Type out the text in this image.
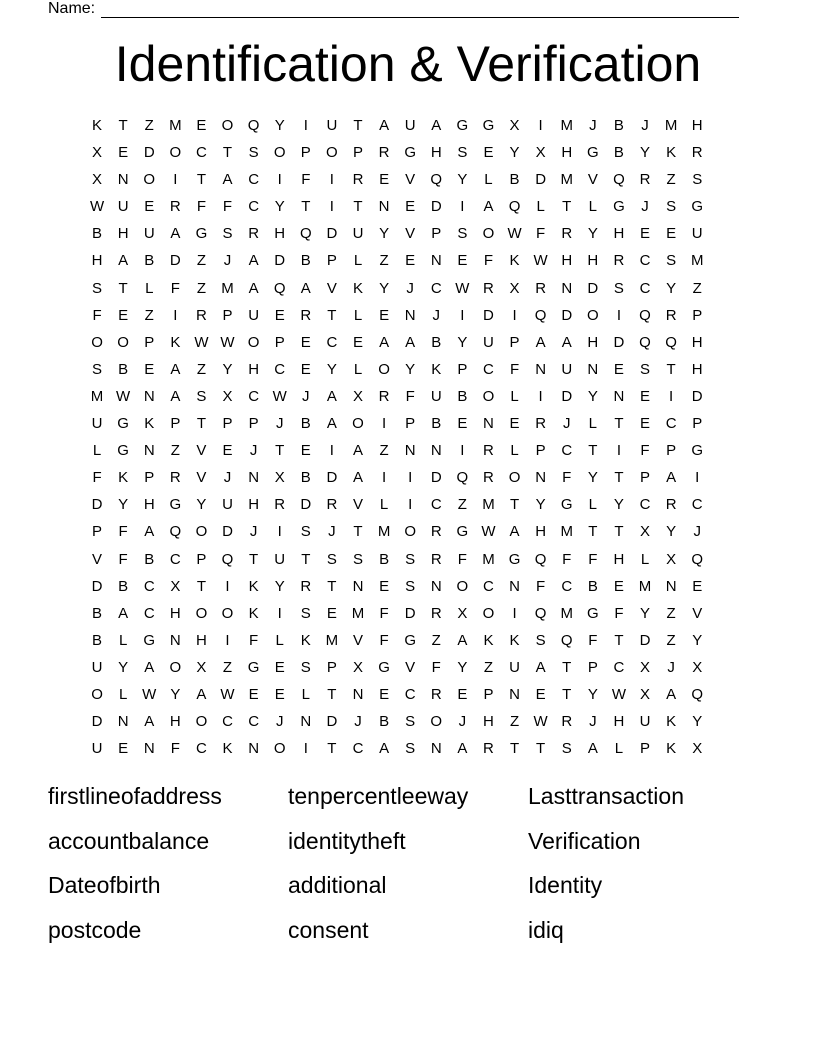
Name:
Identification & Verification
K	T	Z	M E	O Q	Y	I	U	T	A	U	A	G G	X	I	M	J	B	J	M H
X	E	D O C	T	S	O	P	O	P	R G H	S	E	Y	X	H G	B	Y	K	R
X	N O	I	T	A	C	I	F	I	R	E	V	Q	Y	L	B	D M V	Q R	Z	S
W U	E	R	F	F	C	Y	T	I	T	N	E	D	I	A	Q	L	T	L	G	J	S	G
B	H	U	A	G	S	R	H Q D	U	Y	V	P	S	O W F	R	Y	H	E	E	U
H	A	B	D	Z	J	A	D	B	P	L	Z	E	N	E	F	K W H	H	R	C	S M
S	T	L	F	Z	M A	Q	A	V	K	Y	J	C W R	X	R	N	D	S	C	Y	Z
F	E	Z	I	R	P	U	E	R	T	L	E	N	J	I	D	I	Q D O	I	Q R	P
O O	P	K W W O	P	E	C	E	A	A	B	Y	U	P	A	A	H	D Q Q H
S	B	E	A	Z	Y	H	C	E	Y	L	O	Y	K	P	C	F	N	U	N	E	S	T	H
M W N	A	S	X	C W	J	A	X	R	F	U	B	O	L	I	D	Y	N	E	I	D
U G	K	P	T	P	P	J	B	A	O	I	P	B	E	N	E	R	J	L	T	E	C	P
L	G N	Z	V	E	J	T	E	I	A	Z	N	N	I	R	L	P	C	T	I	F	P	G
F	K	P	R	V	J	N	X	B	D	A	I	I	D Q R O N	F	Y	T	P	A	I
D	Y	H G	Y	U	H	R	D	R	V	L	I	C	Z	M	T	Y	G	L	Y	C	R	C
P	F	A	Q O D	J	I	S	J	T	M O R G W A	H M	T	T	X	Y	J
V	F	B	C	P	Q	T	U	T	S	S	B	S	R	F	M G Q	F	F	H	L	X	Q
D	B	C	X	T	I	K	Y	R	T	N	E	S	N O C	N	F	C	B	E M N	E
B	A	C	H O O	K	I	S	E M	F	D	R	X	O	I	Q M G	F	Y	Z	V
B	L	G N	H	I	F	L	K M V	F	G	Z	A	K	K	S	Q	F	T	D	Z	Y
U	Y	A	O	X	Z	G	E	S	P	X	G	V	F	Y	Z	U	A	T	P	C	X	J	X
O	L W Y	A W E	E	L	T	N	E	C	R	E	P	N	E	T	Y W X	A	Q
D	N	A	H O C	C	J	N	D	J	B	S	O	J	H	Z W R	J	H	U	K	Y
U	E	N	F	C	K	N O	I	T	C	A	S	N	A	R	T	T	S	A	L	P	K	X
firstlineofaddress	tenpercentleeway	Lasttransaction
accountbalance	identitytheft	Verification
Dateofbirth	additional	Identity
postcode	consent	idiq
